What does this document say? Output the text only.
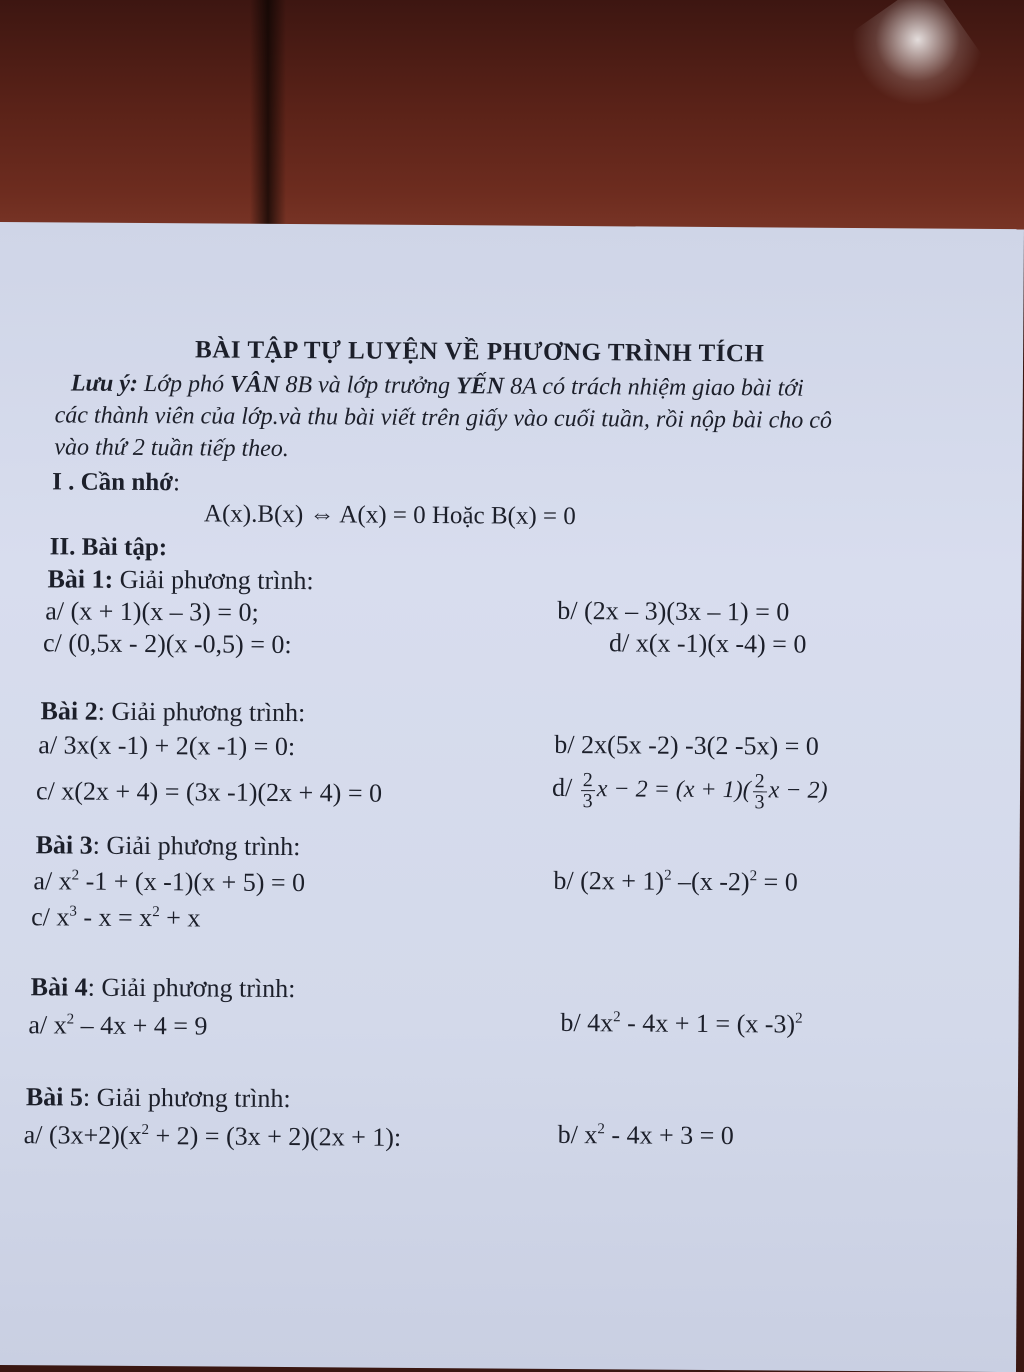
BÀI TẬP TỰ LUYỆN VỀ PHƯƠNG TRÌNH TÍCH
Lưu ý: Lớp phó VÂN 8B và lớp trưởng YẾN 8A có trách nhiệm giao bài tới
các thành viên của lớp.và thu bài viết trên giấy vào cuối tuần, rồi nộp bài cho cô
vào thứ 2 tuần tiếp theo.
I . Cần nhớ:
A(x).B(x) ⇔ A(x) = 0 Hoặc B(x) = 0
II. Bài tập:
Bài 1: Giải phương trình:
a/ (x + 1)(x – 3) = 0;	b/ (2x – 3)(3x – 1) = 0
c/ (0,5x - 2)(x -0,5) = 0:	d/ x(x -1)(x -4) = 0
Bài 2: Giải phương trình:
a/ 3x(x -1) + 2(x -1) = 0:	b/ 2x(5x -2) -3(2 -5x) = 0
c/ x(2x + 4) = (3x -1)(2x + 4) = 0	$d/ \frac{2}{3}$ $x - 2 = (x + 1)( \frac{2}{3}$ x − 2)
Bài 3: Giải phương trình:
a/ $x^2$ -1 + (x -1)(x + 5) = 0	b/ $(2x + 1)^2$ –(x -2)$^2$ = 0
c/ $x^3 - x = x^2 + x$
Bài 4: Giải phương trình:
a/ $x^2 - 4x + 4 = 9$	b/ $4x^2 - 4x + 1 = (x$ -3)$^2$
Bài 5: Giải phương trình:
a/ $(3x+2)(x^2 + 2) = (3x + 2)(2x + 1)$:	b/ $x^2 - 4x + 3 = 0$
